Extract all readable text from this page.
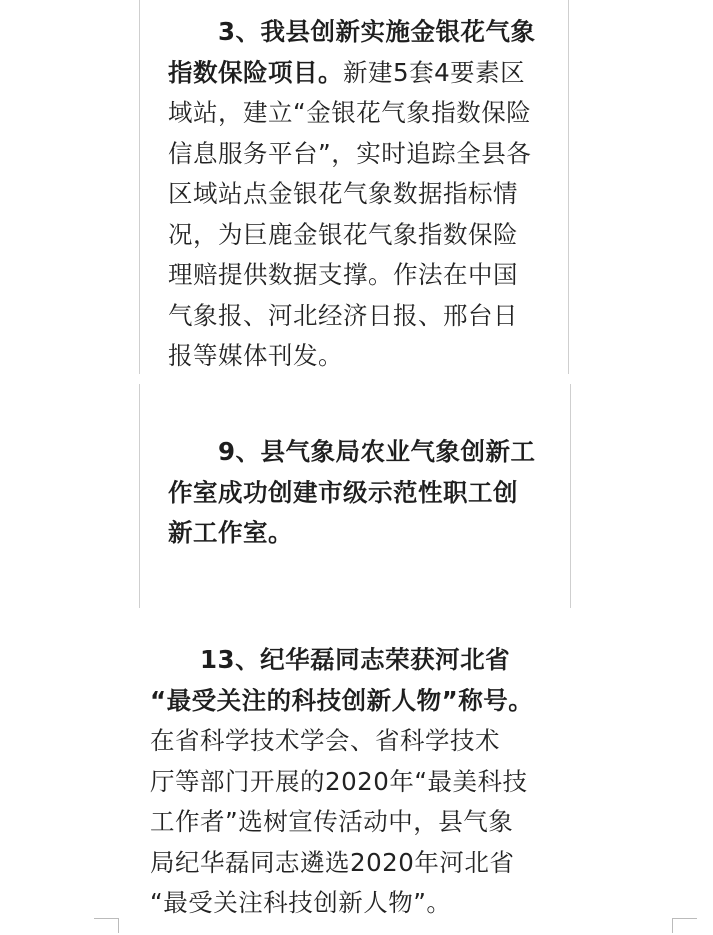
3、我县创新实施金银花气象

指数保险项目。新建5套4要素区

域站，建立“金银花气象指数保险

信息服务平台”，实时追踪全县各

区域站点金银花气象数据指标情

况，为巨鹿金银花气象指数保险

理赔提供数据支撑。作法在中国

气象报、河北经济日报、邢台日

报等媒体刊发。

9、县气象局农业气象创新工

作室成功创建市级示范性职工创

新工作室。

13、纪华磊同志荣获河北省

“最受关注的科技创新人物”称号。

在省科学技术学会、省科学技术

厅等部门开展的2020年“最美科技

工作者”选树宣传活动中，县气象

局纪华磊同志遴选2020年河北省

“最受关注科技创新人物”。
